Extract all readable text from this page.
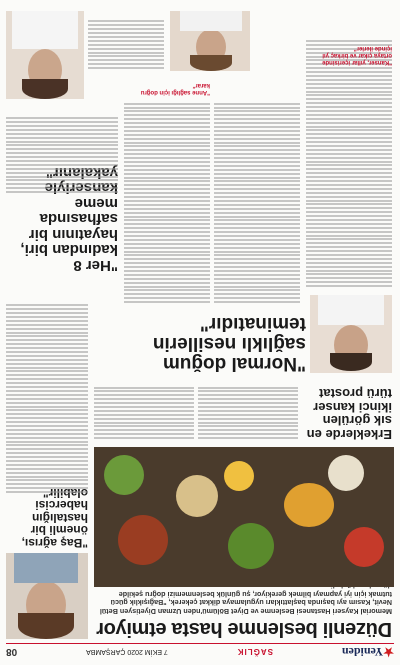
★Yeniden
SAĞLIK
7 EKİM 2020 ÇARŞAMBA
08
Düzenli beslenme hasta etmiyor
Memorial Kayseri Hastanesi Beslenme ve Diyet Bölümü'nden Uzman Diyetisyen Betül Nevit, Kasım ayı başında başlattıkları uygulamaya dikkat çekerek, "Bağışıklık gücü tutmak için iyi yapmayı bilmek gerekiyor, şu günlük beslenmemizi doğru şekilde
"Baş ağrısı, önemli bir hastalığın habercisi
Erkeklerde en sık görülen ikinci kanser türü prostat
"Normal doğum sağlıklı nesillerin teminatıdır"
"Kanser, yıllar içerisinde ortaya çıkar ve birkaç yıl içinde ilerler"
"Anne sağlığı için doğru karar"
"Her 8 kadından biri, hayatının bir safhasında meme
